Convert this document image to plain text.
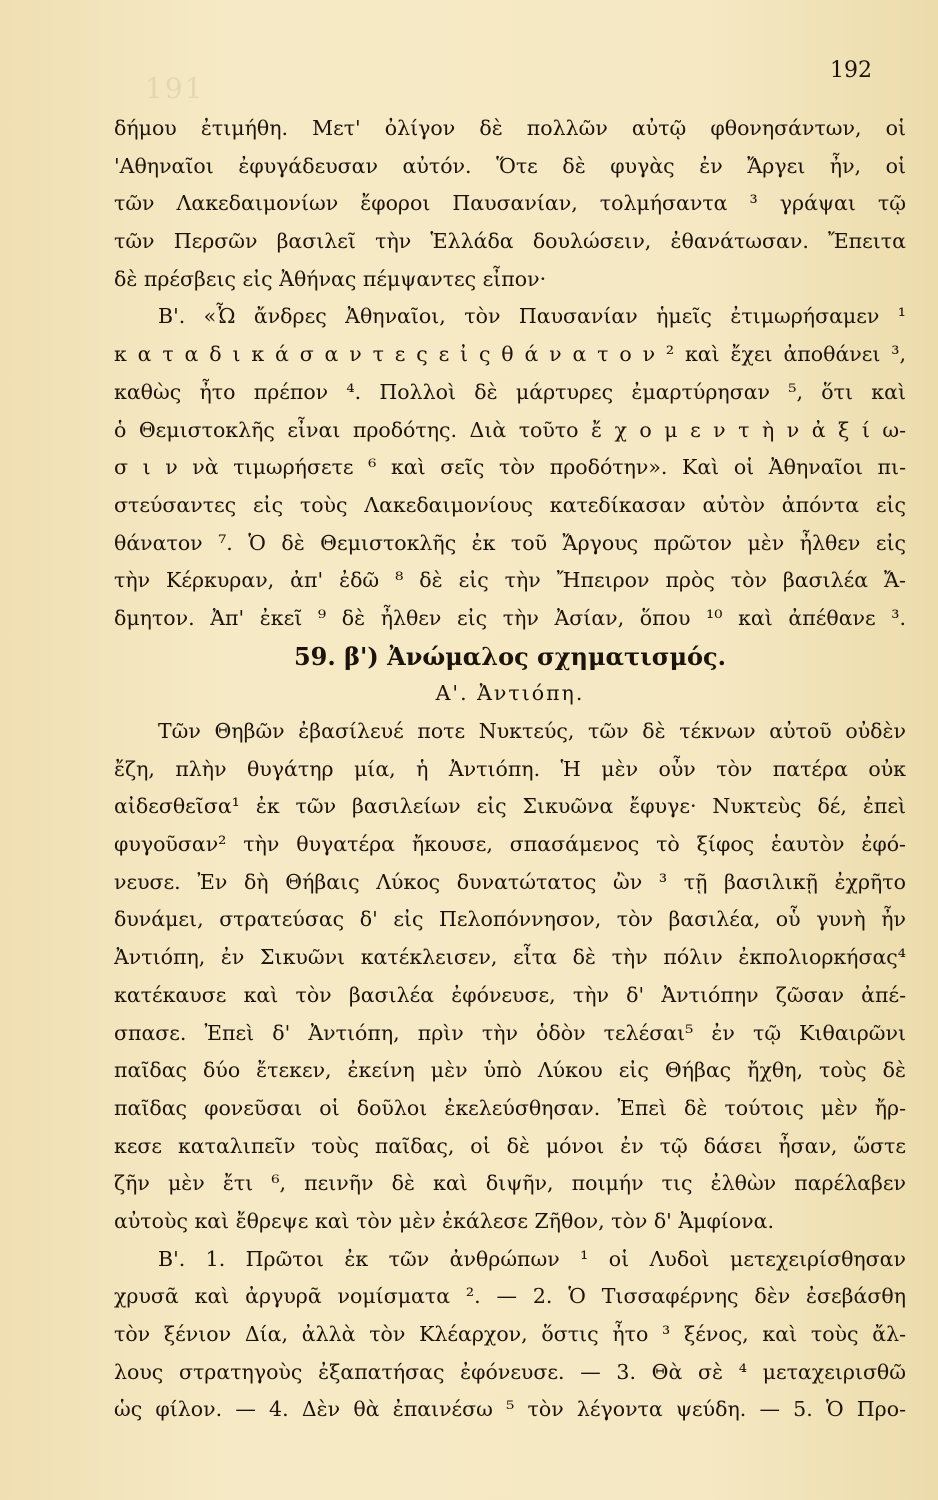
191
192
δήμου ἐτιμήθη. Μετ' ὀλίγον δὲ πολλῶν αὐτῷ φθονησάντων, οἱ
'Αθηναῖοι ἐφυγάδευσαν αὐτόν. Ὅτε δὲ φυγὰς ἐν Ἄργει ἦν, οἱ
τῶν Λακεδαιμονίων ἔφοροι Παυσανίαν, τολμήσαντα ³ γράψαι τῷ
τῶν Περσῶν βασιλεῖ τὴν Ἑλλάδα δουλώσειν, ἐθανάτωσαν. Ἔπειτα
δὲ πρέσβεις εἰς Ἀθήνας πέμψαντες εἶπον·
Β'. «Ὦ ἄνδρες Ἀθηναῖοι, τὸν Παυσανίαν ἡμεῖς ἐτιμωρήσαμεν ¹
κ α τ α δ ι κ ά σ α ν τ ε ς ε ἰ ς θ ά ν α τ ο ν ² καὶ ἔχει ἀποθάνει ³,
καθὼς ἦτο πρέπον ⁴. Πολλοὶ δὲ μάρτυρες ἐμαρτύρησαν ⁵, ὅτι καὶ
ὁ Θεμιστοκλῆς εἶναι προδότης. Διὰ τοῦτο ἔ χ ο μ ε ν τ ὴ ν ἀ ξ ί ω-
σ ι ν νὰ τιμωρήσετε ⁶ καὶ σεῖς τὸν προδότην». Καὶ οἱ Ἀθηναῖοι πι-
στεύσαντες εἰς τοὺς Λακεδαιμονίους κατεδίκασαν αὐτὸν ἀπόντα εἰς
θάνατον ⁷. Ὁ δὲ Θεμιστοκλῆς ἐκ τοῦ Ἄργους πρῶτον μὲν ἦλθεν εἰς
τὴν Κέρκυραν, ἀπ' ἐδῶ ⁸ δὲ εἰς τὴν Ἤπειρον πρὸς τὸν βασιλέα Ἄ-
δμητον. Ἀπ' ἐκεῖ ⁹ δὲ ἦλθεν εἰς τὴν Ἀσίαν, ὅπου ¹⁰ καὶ ἀπέθανε ³.
59. β') Ἀνώμαλος σχηματισμός.
Α'. Ἀντιόπη.
Τῶν Θηβῶν ἐβασίλευέ ποτε Νυκτεύς, τῶν δὲ τέκνων αὐτοῦ οὐδὲν
ἔζη, πλὴν θυγάτηρ μία, ἡ Ἀντιόπη. Ἡ μὲν οὖν τὸν πατέρα οὐκ
αἰδεσθεῖσα¹ ἐκ τῶν βασιλείων εἰς Σικυῶνα ἔφυγε· Νυκτεὺς δέ, ἐπεὶ
φυγοῦσαν² τὴν θυγατέρα ἤκουσε, σπασάμενος τὸ ξίφος ἑαυτὸν ἐφό-
νευσε. Ἐν δὴ Θήβαις Λύκος δυνατώτατος ὢν ³ τῇ βασιλικῇ ἐχρῆτο
δυνάμει, στρατεύσας δ' εἰς Πελοπόννησον, τὸν βασιλέα, οὗ γυνὴ ἦν
Ἀντιόπη, ἐν Σικυῶνι κατέκλεισεν, εἶτα δὲ τὴν πόλιν ἐκπολιορκήσας⁴
κατέκαυσε καὶ τὸν βασιλέα ἐφόνευσε, τὴν δ' Ἀντιόπην ζῶσαν ἀπέ-
σπασε. Ἐπεὶ δ' Ἀντιόπη, πρὶν τὴν ὁδὸν τελέσαι⁵ ἐν τῷ Κιθαιρῶνι
παῖδας δύο ἔτεκεν, ἐκείνη μὲν ὑπὸ Λύκου εἰς Θήβας ἤχθη, τοὺς δὲ
παῖδας φονεῦσαι οἱ δοῦλοι ἐκελεύσθησαν. Ἐπεὶ δὲ τούτοις μὲν ἤρ-
κεσε καταλιπεῖν τοὺς παῖδας, οἱ δὲ μόνοι ἐν τῷ δάσει ἦσαν, ὥστε
ζῆν μὲν ἔτι ⁶, πεινῆν δὲ καὶ διψῆν, ποιμήν τις ἐλθὼν παρέλαβεν
αὐτοὺς καὶ ἔθρεψε καὶ τὸν μὲν ἐκάλεσε Ζῆθον, τὸν δ' Ἀμφίονα.
Β'. 1. Πρῶτοι ἐκ τῶν ἀνθρώπων ¹ οἱ Λυδοὶ μετεχειρίσθησαν
χρυσᾶ καὶ ἀργυρᾶ νομίσματα ². — 2. Ὁ Τισσαφέρνης δὲν ἐσεβάσθη
τὸν ξένιον Δία, ἀλλὰ τὸν Κλέαρχον, ὅστις ἦτο ³ ξένος, καὶ τοὺς ἄλ-
λους στρατηγοὺς ἐξαπατήσας ἐφόνευσε. — 3. Θὰ σὲ ⁴ μεταχειρισθῶ
ὡς φίλον. — 4. Δὲν θὰ ἐπαινέσω ⁵ τὸν λέγοντα ψεύδη. — 5. Ὁ Προ-
